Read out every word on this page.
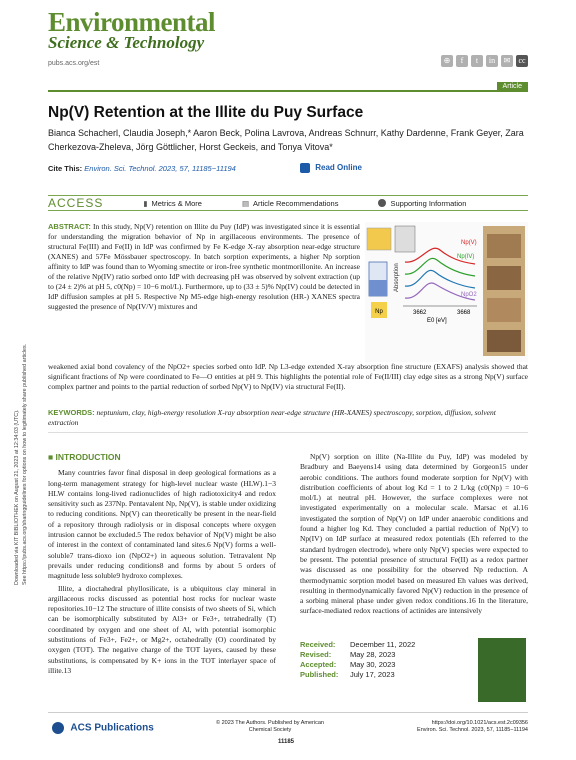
Environmental
Science & Technology
pubs.acs.org/est	⊕	f	t	in	✉	cc
Article
Downloaded via KIT BIBLIOTHEK on August 21, 2023 at 12:34:03 (UTC). See https://pubs.acs.org/sharingguidelines for options on how to legitimately share published articles.
Np(V) Retention at the Illite du Puy Surface
Bianca Schacherl, Claudia Joseph,* Aaron Beck, Polina Lavrova, Andreas Schnurr, Kathy Dardenne, Frank Geyer, Zara Cherkezova-Zheleva, Jörg Göttlicher, Horst Geckeis, and Tonya Vitova*
Cite This: Environ. Sci. Technol. 2023, 57, 11185−11194	Read Online
ACCESS	▮ Metrics & More	▤ Article Recommendations	Supporting Information
ABSTRACT: In this study, Np(V) retention on Illite du Puy (IdP) was investigated since it is essential for understanding the migration behavior of Np in argillaceous environments. The presence of structural Fe(III) and Fe(II) in IdP was confirmed by Fe K-edge X-ray absorption near-edge structure (XANES) and 57Fe Mössbauer spectroscopy. In batch sorption experiments, a higher Np sorption affinity to IdP was found than to Wyoming smectite or iron-free synthetic montmorillonite. An increase of the relative Np(IV) ratio sorbed onto IdP with decreasing pH was observed by solvent extraction (up to (24 ± 2)% at pH 5, c0(Np) = 10−6 mol/L). Furthermore, up to (33 ± 5)% Np(IV) could be detected in IdP diffusion samples at pH 5. Respective Np M5-edge high-energy resolution (HR-) XANES spectra suggested the presence of Np(IV/V) mixtures and
Np
Absorption
3662	3668
E0 [eV]
Np(V)
Np(IV)
NpO2
weakened axial bond covalency of the NpO2+ species sorbed onto IdP. Np L3-edge extended X-ray absorption fine structure (EXAFS) analysis showed that significant fractions of Np were coordinated to Fe—O entities at pH 9. This highlights the potential role of Fe(II/III) clay edge sites as a strong Np(V) surface complex partner and points to the partial reduction of sorbed Np(V) to Np(IV) via structural Fe(II).
KEYWORDS: neptunium, clay, high-energy resolution X-ray absorption near-edge structure (HR-XANES) spectroscopy, sorption, diffusion, solvent extraction
■ INTRODUCTION

Many countries favor final disposal in deep geological formations as a long-term management strategy for high-level nuclear waste (HLW).1−3 HLW contains long-lived radionuclides of high radiotoxicity4 and redox sensitivity such as 237Np. Pentavalent Np, Np(V), is stable under oxidizing to reducing conditions. Np(V) can theoretically be present in the near-field of a repository through radiolysis or in disposal concepts where oxygen intrusion cannot be excluded.5 The redox behavior of Np(V) might be also of interest in the context of contaminated land sites.6 Np(V) forms a well-soluble7 trans-dioxo ion (NpO2+) in aqueous solution. Tetravalent Np prevails under reducing conditions8 and forms by about 5 orders of magnitude less soluble9 hydroxo complexes.

Illite, a dioctahedral phyllosilicate, is a ubiquitous clay mineral in argillaceous rocks discussed as potential host rocks for nuclear waste repositories.10−12 The structure of illite consists of two sheets of Si, which can be isomorphically substituted by Al3+ or Fe3+, tetrahedrally (T) coordinated by oxygen and one sheet of Al, with potential isomorphic substitutions of Fe3+, Fe2+, or Mg2+, octahedrally (O) coordinated by oxygen (TOT). The negative charge of the TOT layers, caused by these substitutions, is compensated by K+ ions in the TOT interlayer space of illite.13

Np(V) sorption on illite (Na-Illite du Puy, IdP) was modeled by Bradbury and Baeyens14 using data determined by Gorgeon15 under aerobic conditions. The authors found moderate sorption for Np(V) with distribution coefficients of about log Kd = 1 to 2 L/kg (c0(Np) = 10−6 mol/L) at neutral pH. However, the surface complexes were not investigated experimentally on a molecular scale. Marsac et al.16 investigated the sorption of Np(V) on IdP under anaerobic conditions and found a higher log Kd. They concluded a partial reduction of Np(V) to Np(IV) on IdP surface at measured redox potentials (Eh referred to the standard hydrogen electrode), where only Np(V) species were expected to be present. The potential presence of structural Fe(II) as a redox partner was discussed as one possibility for the observed Np reduction. A thermodynamic sorption model based on measured Eh values was derived, resulting in thermodynamically favored Np(V) reduction in the presence of a sorbing mineral phase under given redox conditions.16 In the literature, surface-mediated redox reactions of actinides are intensively

Received: December 11, 2022
Revised: May 28, 2023
Accepted: May 30, 2023
Published: July 17, 2023
ACS Publications	© 2023 The Authors. Published by American Chemical Society
11185
https://doi.org/10.1021/acs.est.2c09356
Environ. Sci. Technol. 2023, 57, 11185−11194
